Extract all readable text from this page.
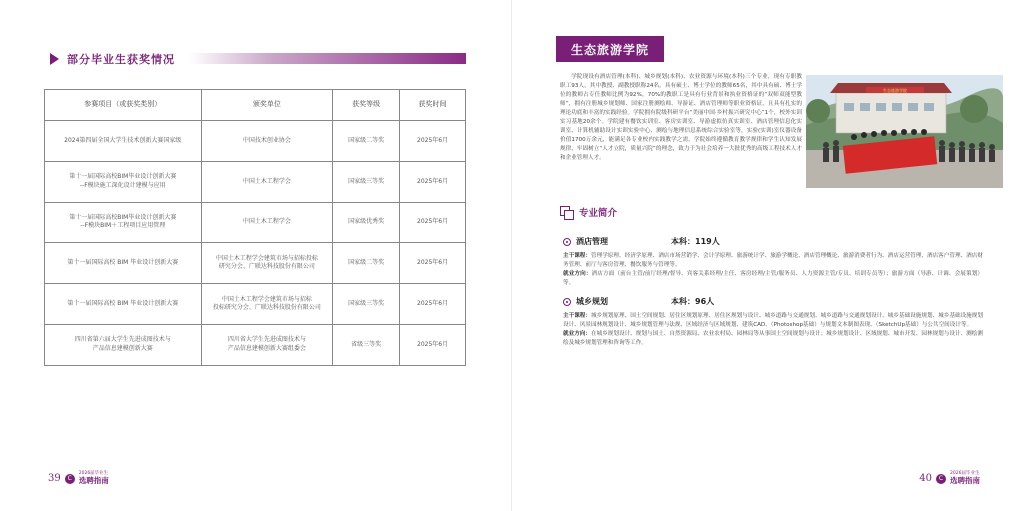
部分毕业生获奖情况
参赛项目（或获奖类别）	颁奖单位	获奖等级	获奖时间
2024第四届全国大学生技术创新大赛国家级	中国技术创业协会	国家级二等奖	2025年6月
第十一届国际高校BIM毕业设计创新大赛
--F模块施工深化设计建模与应用	中国土木工程学会	国家级三等奖	2025年6月
第十一届国际高校BIM毕业设计创新大赛
--F模块BIM＋工程项目应用管理	中国土木工程学会	国家级优秀奖	2025年6月
第十一届国际高校 BIM 毕业设计创新大赛	中国土木工程学会建筑市场与招标投标
研究分会、广联达科技股份有限公司	国家级二等奖	2025年6月
第十一届国际高校 BIM 毕业设计创新大赛	中国土木工程学会建筑市场与招标
投标研究分会、广联达科技股份有限公司	国家级三等奖	2025年6月
四川省第六届大学生先进成图技术与
产品信息建模创新大赛	四川省大学生先进成图技术与
产品信息建模创新大赛组委会	省级三等奖	2025年6月
39	C
2026届毕业生
选聘指南
生态旅游学院
学院现设有酒店管理(本科)、城乡规划(本科)、农业资源与环境(本科)三个专业，现有专职教职工93人，其中教授、副教授职称24名，具有硕士、博士学位的教师65名，其中具有硕、博士学位的教师占专任教师比例为92%，70%的教职工是具有行业背景和执业资格证的“双师双能型教师”，拥有注册城乡规划师、国家注册测绘师、导游证、酒店管理师等职业资格证，且具有扎实的理论功底和丰富的实践经验。学院拥有院级科研平台“美丽中国·乡村振兴研究中心”1个，校外实训实习基地20余个。学院建有餐饮实训室、客房实训室、导游虚拟仿真实训室、酒店管理信息化实训室、计算机辅助设计实训实验中心、测绘与地理信息系统综合实验室等，实验(实训)室仪器设备价值1700万余元，能满足各专业校内实践教学之需。学院始终遵循教育教学规律和学生认知发展规律，牢固树立“人才立院，质量兴院”的理念，致力于为社会培养一大批优秀的高级工程技术人才和企业管理人才。
生态旅游学院
专业简介
酒店管理	本科：119人
主干课程：管理学原理、经济学原理、酒店市场营销学、会计学原理、旅游统计学、旅游学概论、酒店管理概论、旅游消费者行为、酒店运营管理、酒店客户管理、酒店财务管理、前厅与客房管理、餐饮服务与管理等。
就业方向：酒店方面（前台主管/前厅经理/督导、宾客关系经理/主任、客房经理/主管/服务员、人力资源主管/专员、培训专员等）；旅游方面（导游、计调、会展策划）等。
城乡规划	本科：96人
主干课程：城乡规划原理、国土空间规划、居住区规划原理、居住区规划与设计、城乡道路与交通规划、城乡道路与交通规划设计、城乡基础设施规划、城乡基础设施规划设计、风景园林规划设计、城乡规划管理与法规、区域经济与区域规划、建筑CAD、（Photoshop基础）与规划文本制图表现、（SketchUp基础）与公共空间设计等。
就业方向：在城乡规划设计、规划与国土、自然资源局、农业农村局、园林局等从事国土空间规划与设计；城乡规划设计、区域规划、城市开发、园林规划与设计、测绘测绘及城乡规划管理和咨询等工作。
40	C
2026届毕业生
选聘指南
